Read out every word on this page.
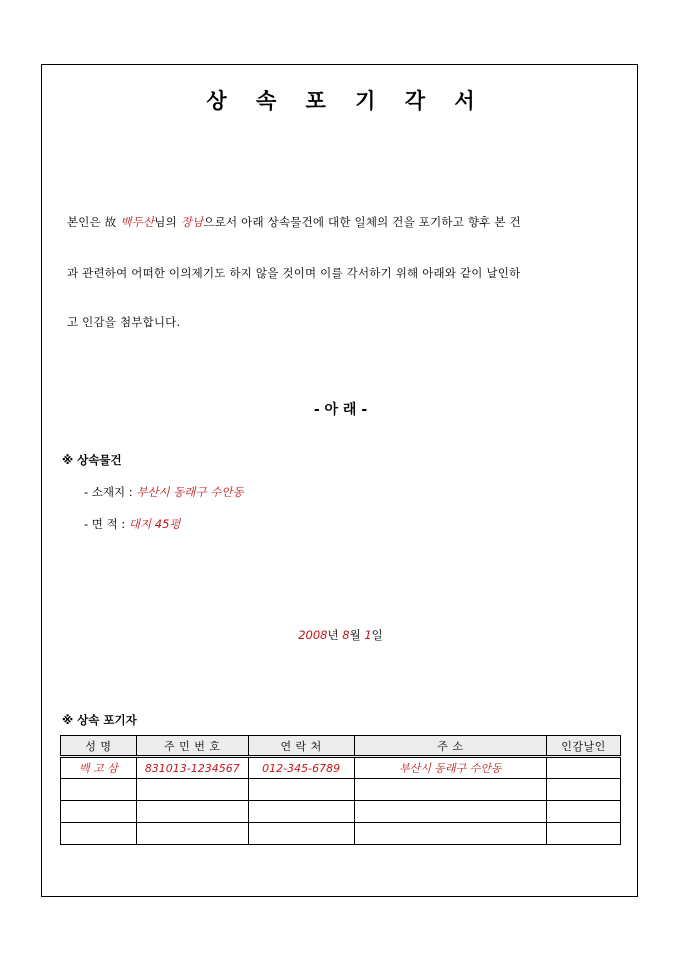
상 속 포 기 각 서
본인은 故 백두산님의 장남으로서 아래 상속물건에 대한 일체의 건을 포기하고 향후 본 건
과 관련하여 어떠한 이의제기도 하지 않을 것이며 이를 각서하기 위해 아래와 같이 날인하
고 인감을 첨부합니다.
- 아 래 -
※ 상속물건
- 소재지 : 부산시 동래구 수안동
- 면 적 : 대지 45평
2008년 8월 1일
※ 상속 포기자
성 명	주 민 번 호	연 락 처	주 소	인감날인
백 고 삼	831013-1234567	012-345-6789	부산시 동래구 수안동	
